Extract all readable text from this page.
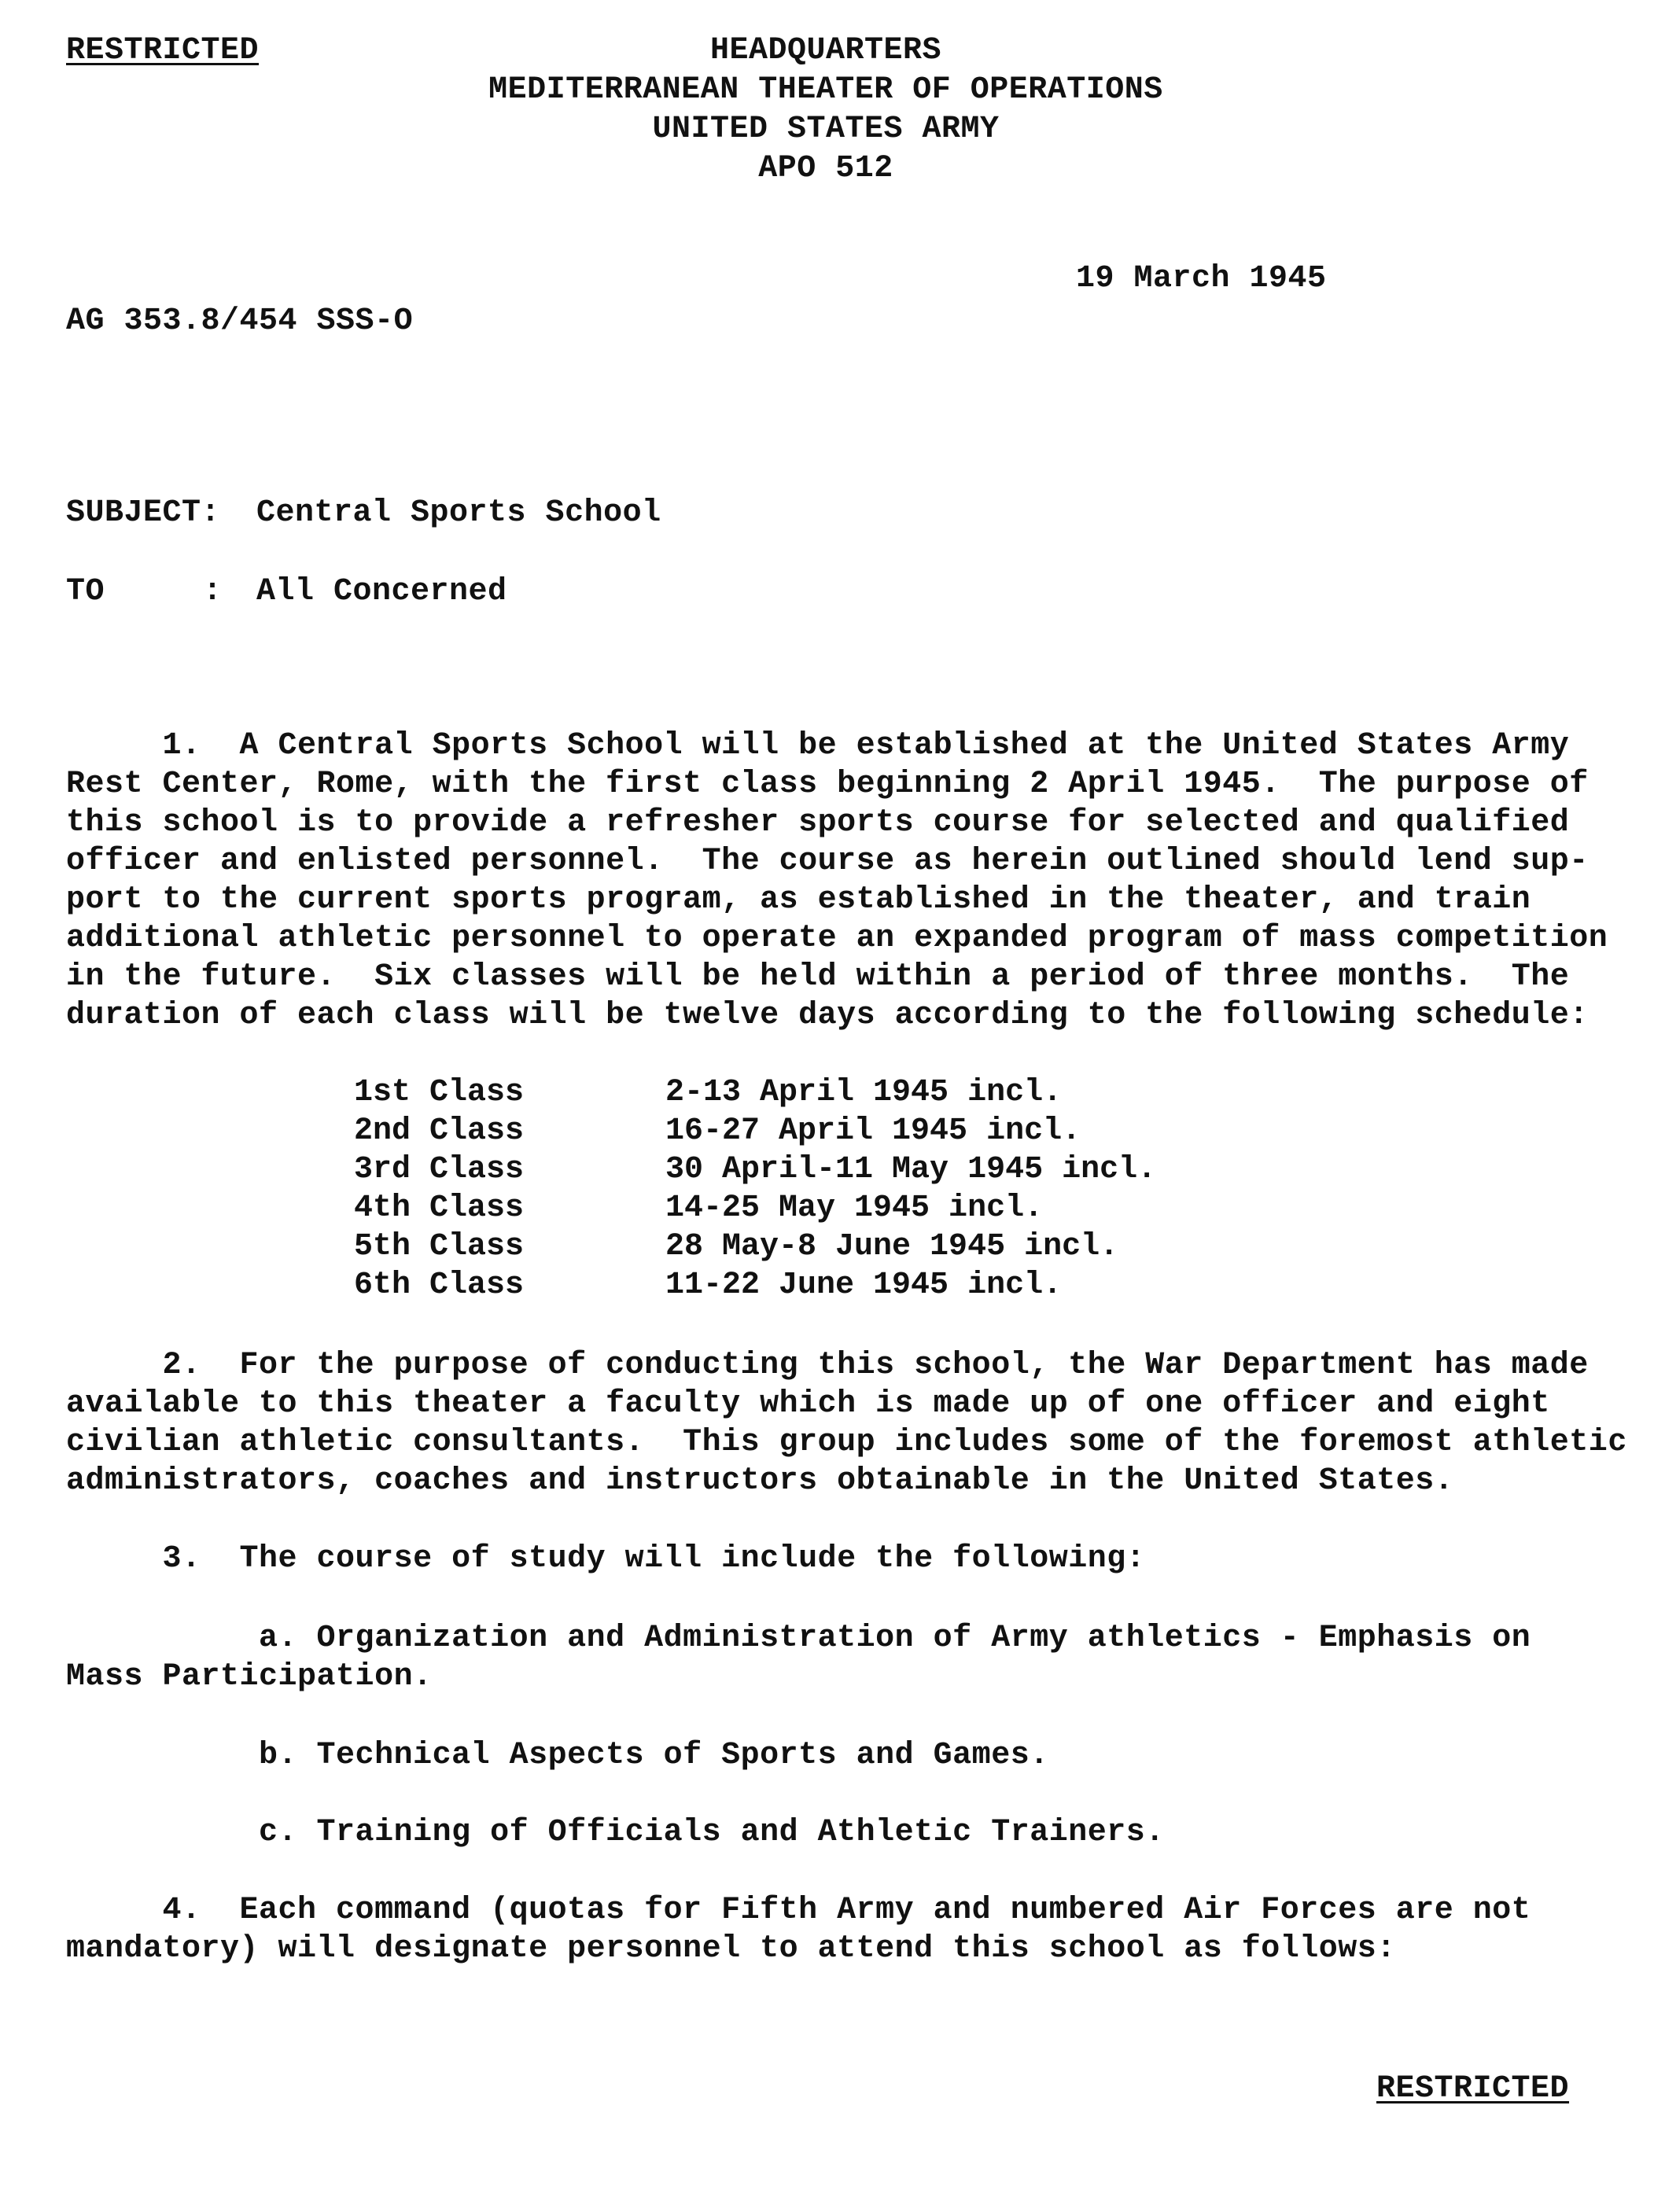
RESTRICTED	HEADQUARTERS
MEDITERRANEAN THEATER OF OPERATIONS
UNITED STATES ARMY
APO 512
19 March 1945
AG 353.8/454 SSS-O
SUBJECT: Central Sports School
TO	: All Concerned
1.  A Central Sports School will be established at the United States Army
Rest Center, Rome, with the first class beginning 2 April 1945.  The purpose of
this school is to provide a refresher sports course for selected and qualified
officer and enlisted personnel.  The course as herein outlined should lend sup-
port to the current sports program, as established in the theater, and train
additional athletic personnel to operate an expanded program of mass competition
in the future.  Six classes will be held within a period of three months.  The
duration of each class will be twelve days according to the following schedule:
1st Class	2-13 April 1945 incl.
2nd Class	16-27 April 1945 incl.
3rd Class	30 April-11 May 1945 incl.
4th Class	14-25 May 1945 incl.
5th Class	28 May-8 June 1945 incl.
6th Class	11-22 June 1945 incl.
2.  For the purpose of conducting this school, the War Department has made
available to this theater a faculty which is made up of one officer and eight
civilian athletic consultants.  This group includes some of the foremost athletic
administrators, coaches and instructors obtainable in the United States.
3.  The course of study will include the following:
a. Organization and Administration of Army athletics - Emphasis on
Mass Participation.
b. Technical Aspects of Sports and Games.
c. Training of Officials and Athletic Trainers.
4.  Each command (quotas for Fifth Army and numbered Air Forces are not
mandatory) will designate personnel to attend this school as follows:
RESTRICTED
